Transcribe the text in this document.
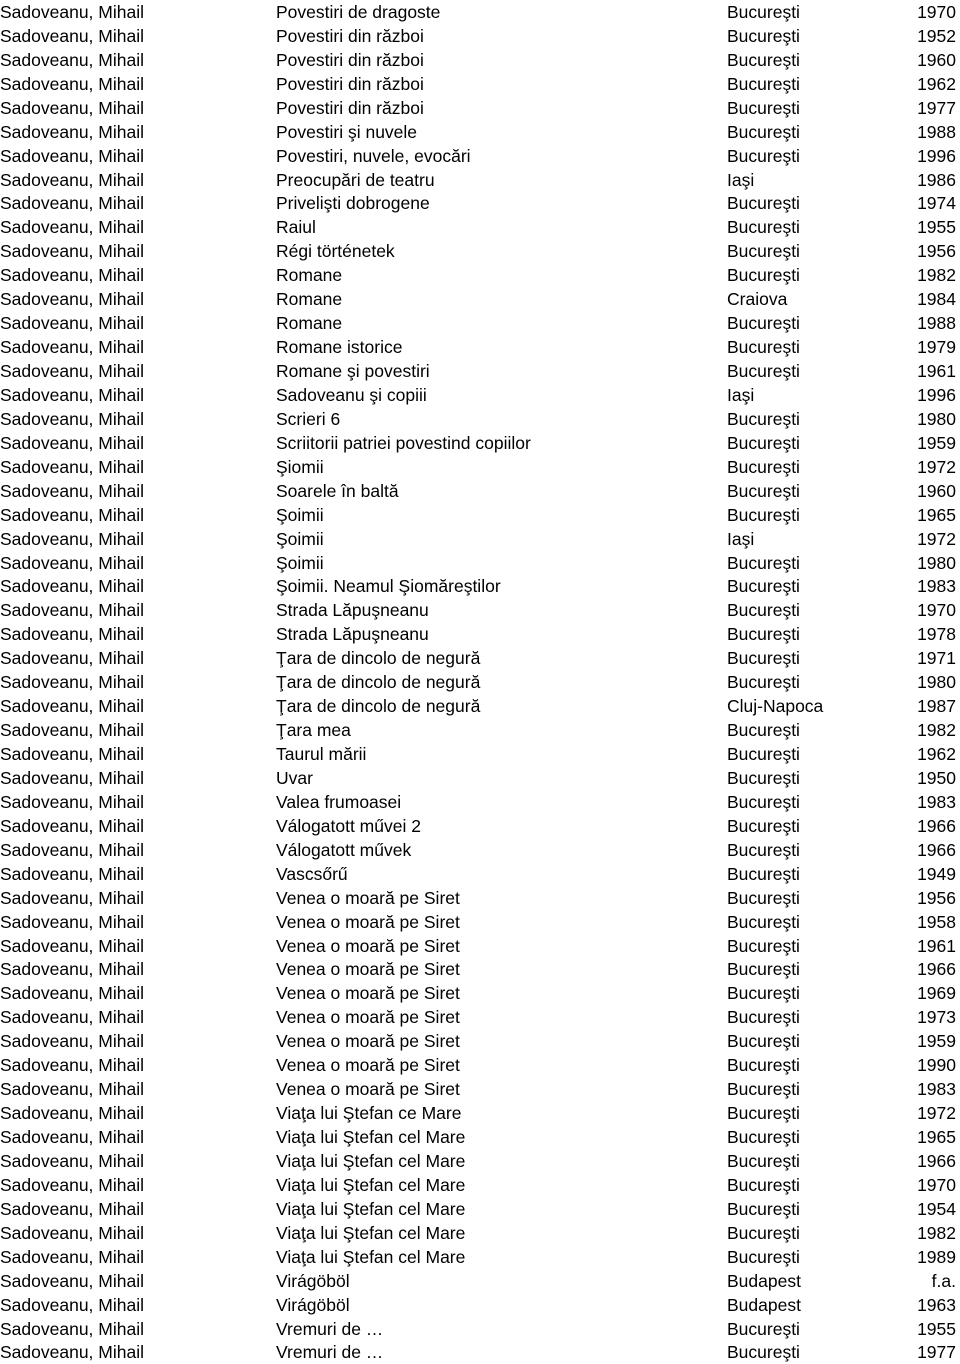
Sadoveanu, Mihail	Povestiri de dragoste	Bucureşti	1970
Sadoveanu, Mihail	Povestiri din război	Bucureşti	1952
Sadoveanu, Mihail	Povestiri din război	Bucureşti	1960
Sadoveanu, Mihail	Povestiri din război	Bucureşti	1962
Sadoveanu, Mihail	Povestiri din război	Bucureşti	1977
Sadoveanu, Mihail	Povestiri şi nuvele	Bucureşti	1988
Sadoveanu, Mihail	Povestiri, nuvele, evocări	Bucureşti	1996
Sadoveanu, Mihail	Preocupări de teatru	Iaşi	1986
Sadoveanu, Mihail	Privelişti dobrogene	Bucureşti	1974
Sadoveanu, Mihail	Raiul	Bucureşti	1955
Sadoveanu, Mihail	Régi történetek	Bucureşti	1956
Sadoveanu, Mihail	Romane	Bucureşti	1982
Sadoveanu, Mihail	Romane	Craiova	1984
Sadoveanu, Mihail	Romane	Bucureşti	1988
Sadoveanu, Mihail	Romane istorice	Bucureşti	1979
Sadoveanu, Mihail	Romane şi povestiri	Bucureşti	1961
Sadoveanu, Mihail	Sadoveanu şi copiii	Iaşi	1996
Sadoveanu, Mihail	Scrieri 6	Bucureşti	1980
Sadoveanu, Mihail	Scriitorii patriei povestind copiilor	Bucureşti	1959
Sadoveanu, Mihail	Şiomii	Bucureşti	1972
Sadoveanu, Mihail	Soarele în baltă	Bucureşti	1960
Sadoveanu, Mihail	Şoimii	Bucureşti	1965
Sadoveanu, Mihail	Şoimii	Iaşi	1972
Sadoveanu, Mihail	Şoimii	Bucureşti	1980
Sadoveanu, Mihail	Şoimii. Neamul Şiomăreştilor	Bucureşti	1983
Sadoveanu, Mihail	Strada Lăpuşneanu	Bucureşti	1970
Sadoveanu, Mihail	Strada Lăpuşneanu	Bucureşti	1978
Sadoveanu, Mihail	Ţara de dincolo de negură	Bucureşti	1971
Sadoveanu, Mihail	Ţara de dincolo de negură	Bucureşti	1980
Sadoveanu, Mihail	Ţara de dincolo de negură	Cluj-Napoca	1987
Sadoveanu, Mihail	Ţara mea	Bucureşti	1982
Sadoveanu, Mihail	Taurul mării	Bucureşti	1962
Sadoveanu, Mihail	Uvar	Bucureşti	1950
Sadoveanu, Mihail	Valea frumoasei	Bucureşti	1983
Sadoveanu, Mihail	Válogatott művei 2	Bucureşti	1966
Sadoveanu, Mihail	Válogatott művek	Bucureşti	1966
Sadoveanu, Mihail	Vascsőrű	Bucureşti	1949
Sadoveanu, Mihail	Venea o moară pe Siret	Bucureşti	1956
Sadoveanu, Mihail	Venea o moară pe Siret	Bucureşti	1958
Sadoveanu, Mihail	Venea o moară pe Siret	Bucureşti	1961
Sadoveanu, Mihail	Venea o moară pe Siret	Bucureşti	1966
Sadoveanu, Mihail	Venea o moară pe Siret	Bucureşti	1969
Sadoveanu, Mihail	Venea o moară pe Siret	Bucureşti	1973
Sadoveanu, Mihail	Venea o moară pe Siret	Bucureşti	1959
Sadoveanu, Mihail	Venea o moară pe Siret	Bucureşti	1990
Sadoveanu, Mihail	Venea o moară pe Siret	Bucureşti	1983
Sadoveanu, Mihail	Viaţa lui Ştefan ce Mare	Bucureşti	1972
Sadoveanu, Mihail	Viaţa lui Ştefan cel Mare	Bucureşti	1965
Sadoveanu, Mihail	Viaţa lui Ştefan cel Mare	Bucureşti	1966
Sadoveanu, Mihail	Viaţa lui Ştefan cel Mare	Bucureşti	1970
Sadoveanu, Mihail	Viaţa lui Ştefan cel Mare	Bucureşti	1954
Sadoveanu, Mihail	Viaţa lui Ştefan cel Mare	Bucureşti	1982
Sadoveanu, Mihail	Viaţa lui Ştefan cel Mare	Bucureşti	1989
Sadoveanu, Mihail	Virágöböl	Budapest	f.a.
Sadoveanu, Mihail	Virágöböl	Budapest	1963
Sadoveanu, Mihail	Vremuri de …	Bucureşti	1955
Sadoveanu, Mihail	Vremuri de …	Bucureşti	1977
